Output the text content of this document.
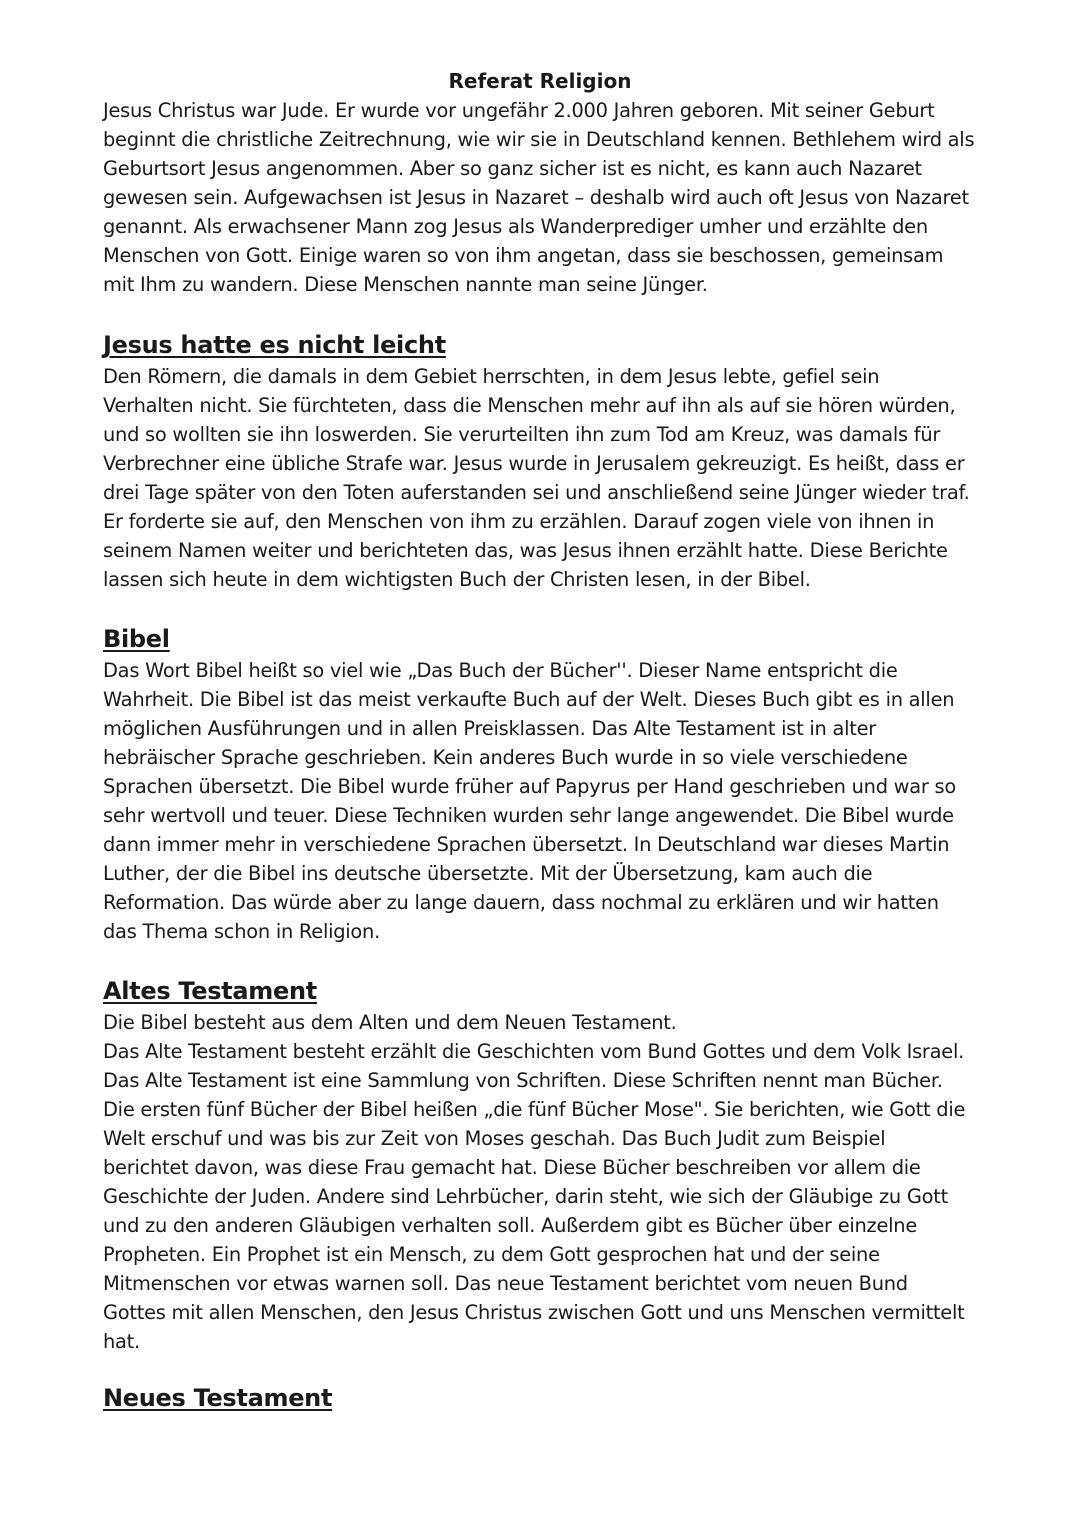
Referat Religion
Jesus Christus war Jude. Er wurde vor ungefähr 2.000 Jahren geboren. Mit seiner Geburt
beginnt die christliche Zeitrechnung, wie wir sie in Deutschland kennen. Bethlehem wird als
Geburtsort Jesus angenommen. Aber so ganz sicher ist es nicht, es kann auch Nazaret
gewesen sein. Aufgewachsen ist Jesus in Nazaret – deshalb wird auch oft Jesus von Nazaret
genannt. Als erwachsener Mann zog Jesus als Wanderprediger umher und erzählte den
Menschen von Gott. Einige waren so von ihm angetan, dass sie beschossen, gemeinsam
mit Ihm zu wandern. Diese Menschen nannte man seine Jünger.
Jesus hatte es nicht leicht
Den Römern, die damals in dem Gebiet herrschten, in dem Jesus lebte, gefiel sein
Verhalten nicht. Sie fürchteten, dass die Menschen mehr auf ihn als auf sie hören würden,
und so wollten sie ihn loswerden. Sie verurteilten ihn zum Tod am Kreuz, was damals für
Verbrechner eine übliche Strafe war. Jesus wurde in Jerusalem gekreuzigt. Es heißt, dass er
drei Tage später von den Toten auferstanden sei und anschließend seine Jünger wieder traf.
Er forderte sie auf, den Menschen von ihm zu erzählen. Darauf zogen viele von ihnen in
seinem Namen weiter und berichteten das, was Jesus ihnen erzählt hatte. Diese Berichte
lassen sich heute in dem wichtigsten Buch der Christen lesen, in der Bibel.
Bibel
Das Wort Bibel heißt so viel wie „Das Buch der Bücher''. Dieser Name entspricht die
Wahrheit. Die Bibel ist das meist verkaufte Buch auf der Welt. Dieses Buch gibt es in allen
möglichen Ausführungen und in allen Preisklassen. Das Alte Testament ist in alter
hebräischer Sprache geschrieben. Kein anderes Buch wurde in so viele verschiedene
Sprachen übersetzt. Die Bibel wurde früher auf Papyrus per Hand geschrieben und war so
sehr wertvoll und teuer. Diese Techniken wurden sehr lange angewendet. Die Bibel wurde
dann immer mehr in verschiedene Sprachen übersetzt. In Deutschland war dieses Martin
Luther, der die Bibel ins deutsche übersetzte. Mit der Übersetzung, kam auch die
Reformation. Das würde aber zu lange dauern, dass nochmal zu erklären und wir hatten
das Thema schon in Religion.
Altes Testament
Die Bibel besteht aus dem Alten und dem Neuen Testament.
Das Alte Testament besteht erzählt die Geschichten vom Bund Gottes und dem Volk Israel.
Das Alte Testament ist eine Sammlung von Schriften. Diese Schriften nennt man Bücher.
Die ersten fünf Bücher der Bibel heißen „die fünf Bücher Mose". Sie berichten, wie Gott die
Welt erschuf und was bis zur Zeit von Moses geschah. Das Buch Judit zum Beispiel
berichtet davon, was diese Frau gemacht hat. Diese Bücher beschreiben vor allem die
Geschichte der Juden. Andere sind Lehrbücher, darin steht, wie sich der Gläubige zu Gott
und zu den anderen Gläubigen verhalten soll. Außerdem gibt es Bücher über einzelne
Propheten. Ein Prophet ist ein Mensch, zu dem Gott gesprochen hat und der seine
Mitmenschen vor etwas warnen soll. Das neue Testament berichtet vom neuen Bund
Gottes mit allen Menschen, den Jesus Christus zwischen Gott und uns Menschen vermittelt
hat.
Neues Testament
